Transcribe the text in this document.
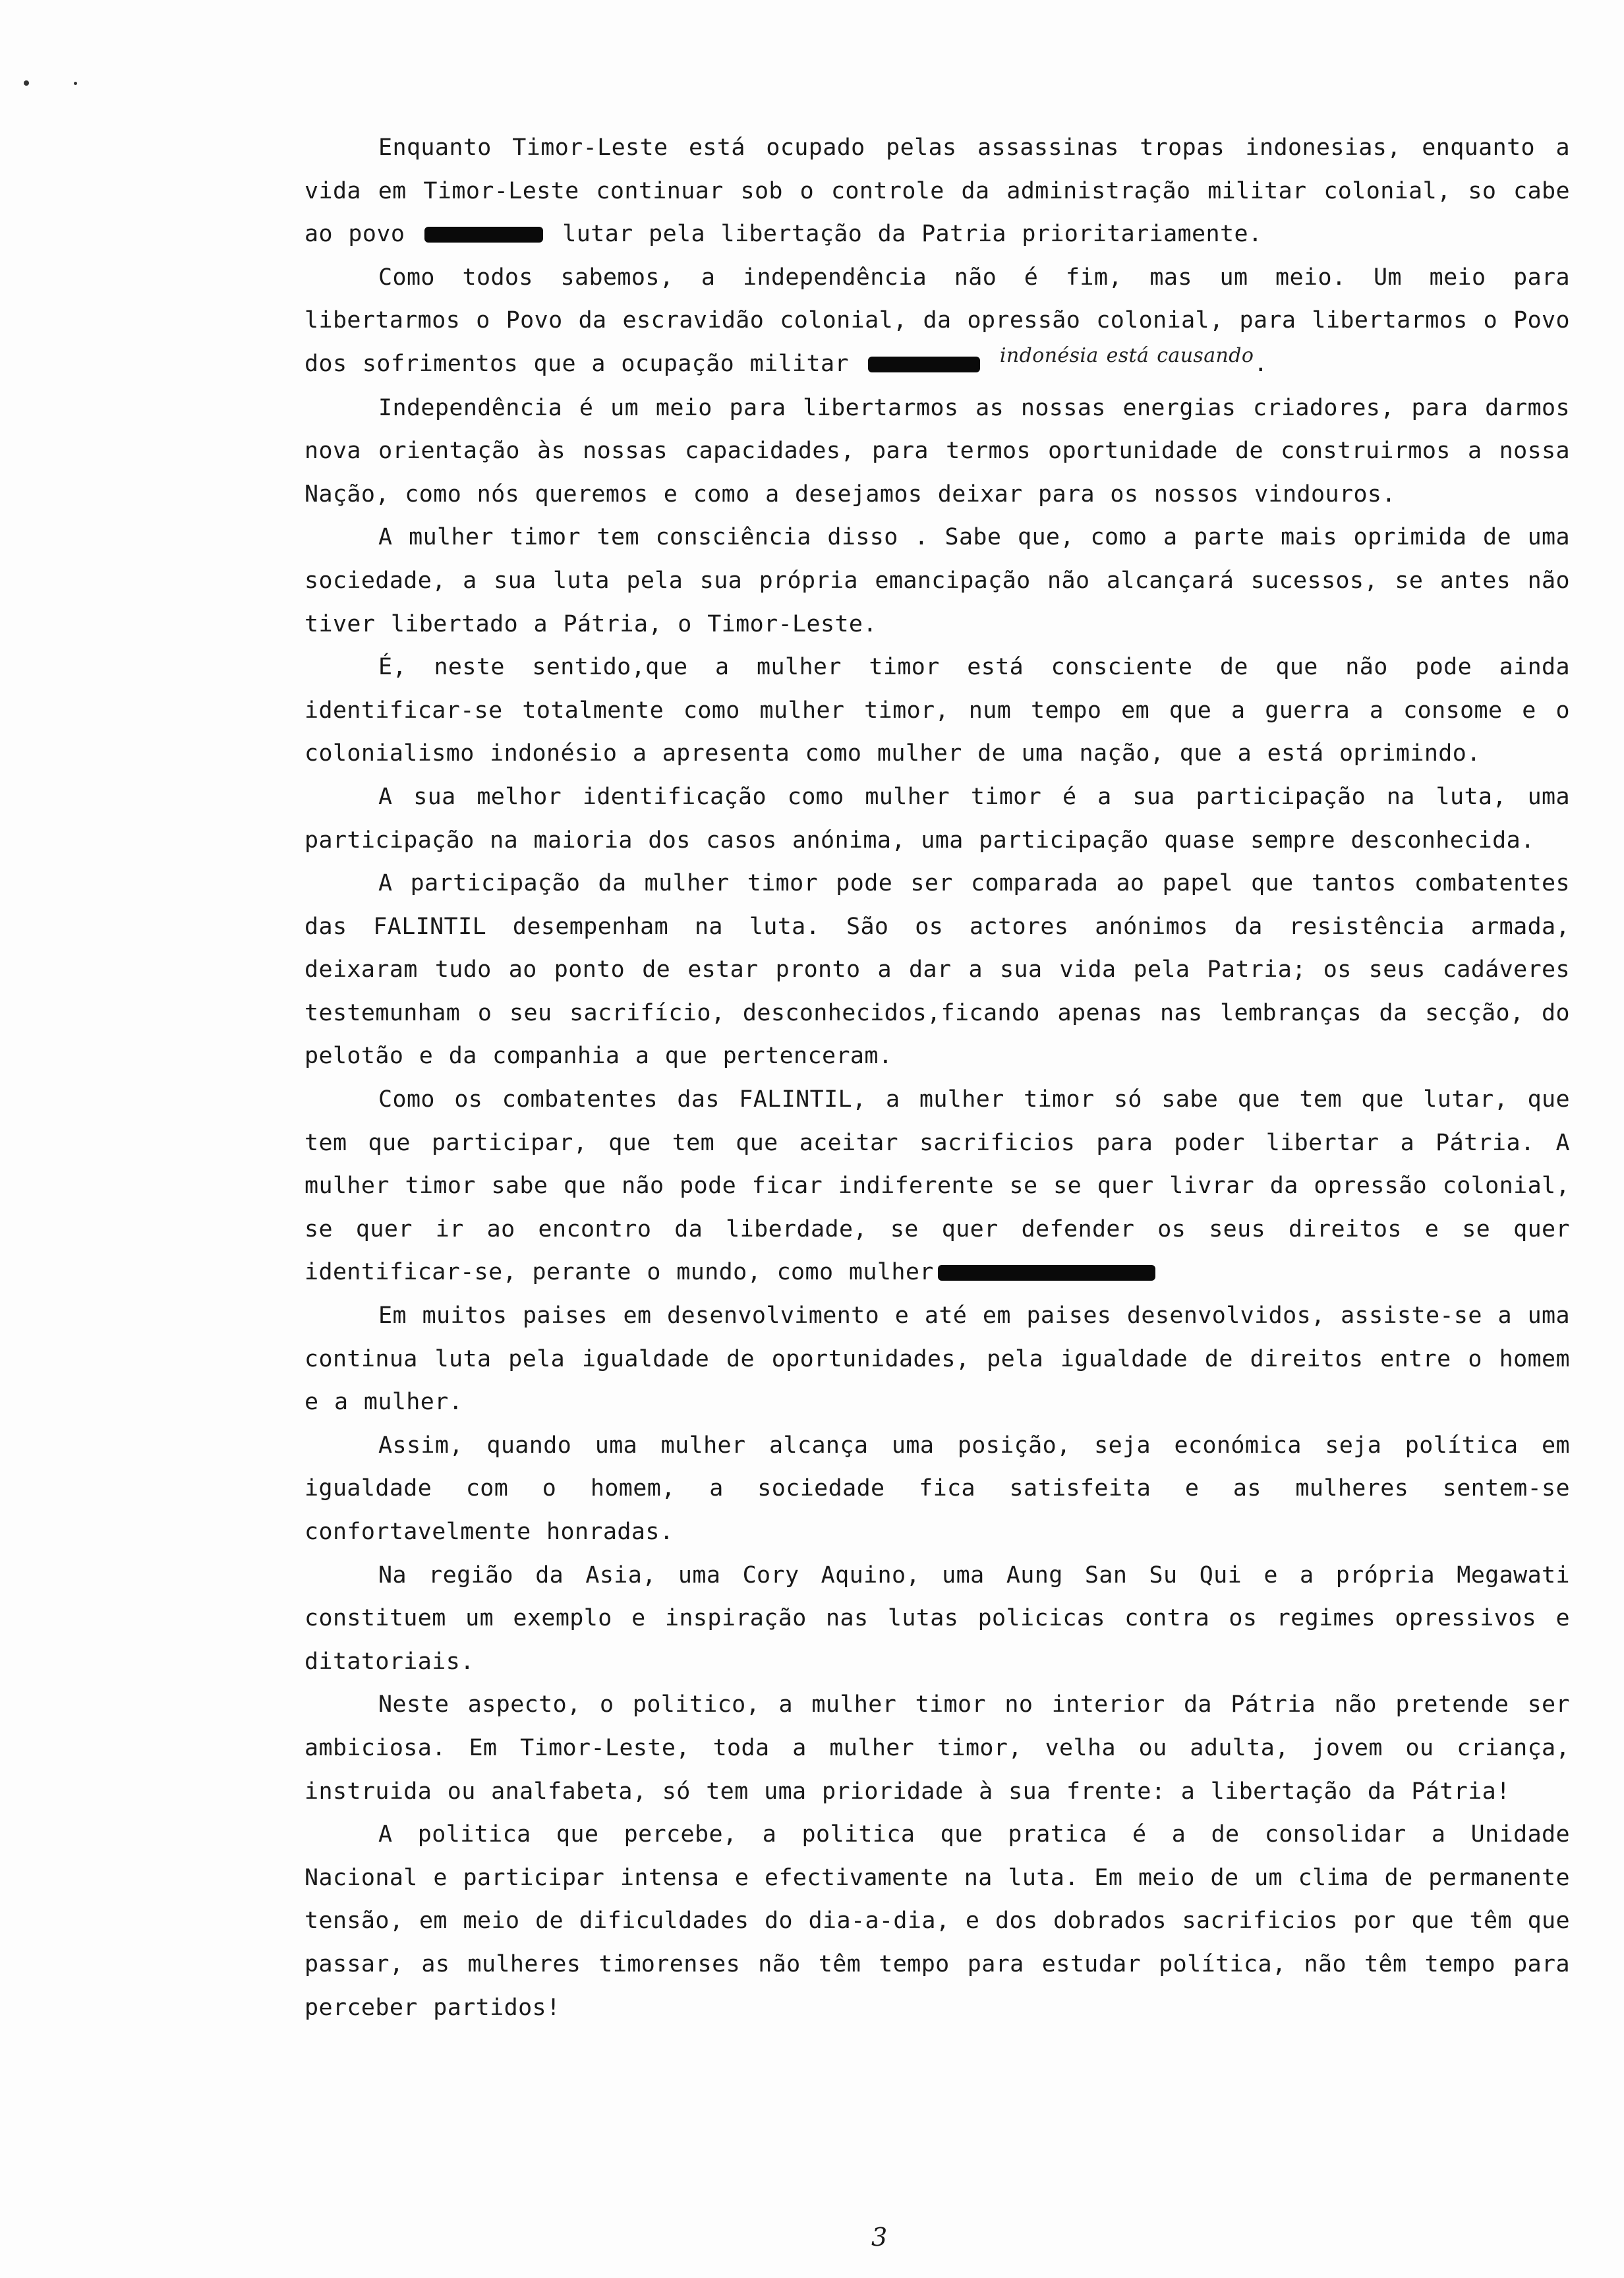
Enquanto Timor-Leste está ocupado pelas assassinas tropas indonesias, enquanto a vida em Timor-Leste continuar sob o controle da administração militar colonial, so cabe ao povo	lutar pela libertação da Patria prioritariamente.

Como todos sabemos, a independência não é fim, mas um meio. Um meio para libertarmos o Povo da escravidão colonial, da opressão colonial, para libertarmos o Povo dos sofrimentos que a ocupação militar	indonésia está causando.

Independência é um meio para libertarmos as nossas energias criadores, para darmos nova orientação às nossas capacidades, para termos oportunidade de construirmos a nossa Nação, como nós queremos e como a desejamos deixar para os nossos vindouros.

A mulher timor tem consciência disso . Sabe que, como a parte mais oprimida de uma sociedade, a sua luta pela sua própria emancipação não alcançará sucessos, se antes não tiver libertado a Pátria, o Timor-Leste.

É, neste sentido,que a mulher timor está consciente de que não pode ainda identificar-se totalmente como mulher timor, num tempo em que a guerra a consome e o colonialismo indonésio a apresenta como mulher de uma nação, que a está oprimindo.

A sua melhor identificação como mulher timor é a sua participação na luta, uma participação na maioria dos casos anónima, uma participação quase sempre desconhecida.

A participação da mulher timor pode ser comparada ao papel que tantos combatentes das FALINTIL desempenham na luta. São os actores anónimos da resistência armada, deixaram tudo ao ponto de estar pronto a dar a sua vida pela Patria; os seus cadáveres testemunham o seu sacrifício, desconhecidos,ficando apenas nas lembranças da secção, do pelotão e da companhia a que pertenceram.

Como os combatentes das FALINTIL, a mulher timor só sabe que tem que lutar, que tem que participar, que tem que aceitar sacrificios para poder libertar a Pátria. A mulher timor sabe que não pode ficar indiferente se se quer livrar da opressão colonial, se quer ir ao encontro da liberdade, se quer defender os seus direitos e se quer identificar-se, perante o mundo, como mulher

Em muitos paises em desenvolvimento e até em paises desenvolvidos, assiste-se a uma continua luta pela igualdade de oportunidades, pela igualdade de direitos entre o homem e a mulher.

Assim, quando uma mulher alcança uma posição, seja económica seja política em igualdade com o homem, a sociedade fica satisfeita e as mulheres sentem-se confortavelmente honradas.

Na região da Asia, uma Cory Aquino, uma Aung San Su Qui e a própria Megawati constituem um exemplo e inspiração nas lutas policicas contra os regimes opressivos e ditatoriais.

Neste aspecto, o politico, a mulher timor no interior da Pátria não pretende ser ambiciosa. Em Timor-Leste, toda a mulher timor, velha ou adulta, jovem ou criança, instruida ou analfabeta, só tem uma prioridade à sua frente: a libertação da Pátria!

A politica que percebe, a politica que pratica é a de consolidar a Unidade Nacional e participar intensa e efectivamente na luta. Em meio de um clima de permanente tensão, em meio de dificuldades do dia-a-dia, e dos dobrados sacrificios por que têm que passar, as mulheres timorenses não têm tempo para estudar política, não têm tempo para perceber partidos!

3
